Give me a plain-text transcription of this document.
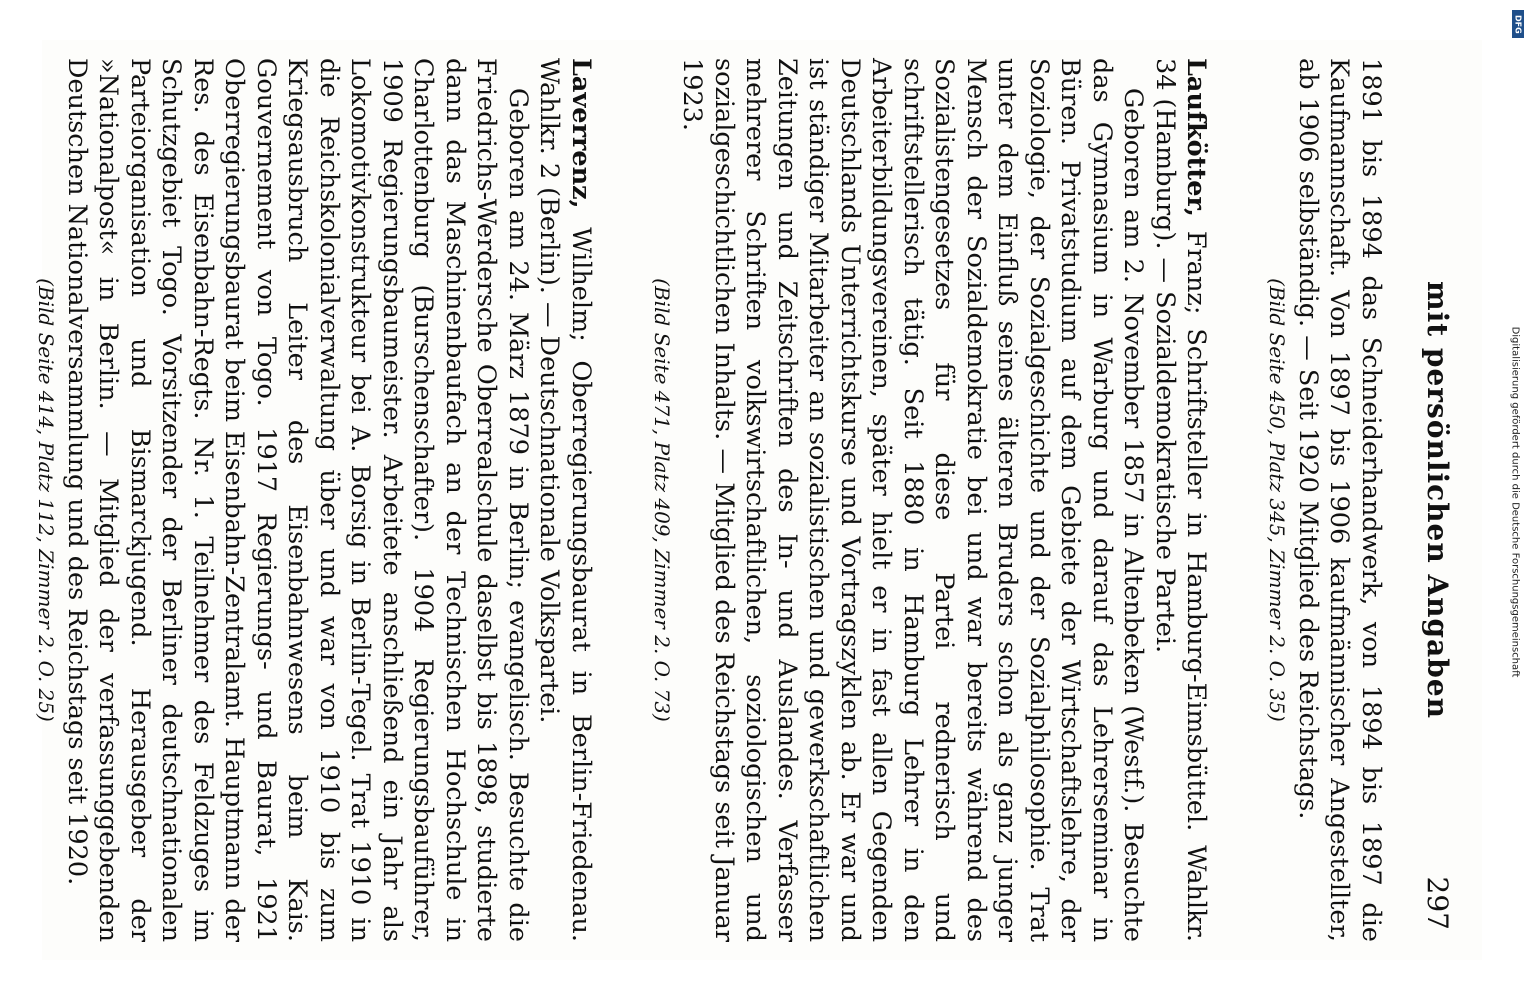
mit persönlichen Angaben
297

1891 bis 1894 das Schneiderhandwerk, von 1894 bis 1897 die Kaufmannschaft. Von 1897 bis 1906 kaufmännischer Angestellter, ab 1906 selbständig. — Seit 1920 Mitglied des Reichstags.

(Bild Seite 450, Platz 345, Zimmer 2. O. 35)

Laufkötter, Franz; Schriftsteller in Hamburg-Eimsbüttel. Wahlkr. 34 (Hamburg). — Sozialdemokratische Partei.

Geboren am 2. November 1857 in Altenbeken (Westf.). Besuchte das Gymnasium in Warburg und darauf das Lehrerseminar in Büren. Privatstudium auf dem Gebiete der Wirtschaftslehre, der Soziologie, der Sozialgeschichte und der Sozialphilosophie. Trat unter dem Einfluß seines älteren Bruders schon als ganz junger Mensch der Sozialdemokratie bei und war bereits während des Sozialistengesetzes für diese Partei rednerisch und schriftstellerisch tätig. Seit 1880 in Hamburg Lehrer in den Arbeiterbildungsvereinen, später hielt er in fast allen Gegenden Deutschlands Unterrichtskurse und Vortragszyklen ab. Er war und ist ständiger Mitarbeiter an sozialistischen und gewerkschaftlichen Zeitungen und Zeitschriften des In- und Auslandes. Verfasser mehrerer Schriften volkswirtschaftlichen, soziologischen und sozialgeschichtlichen Inhalts. — Mitglied des Reichstags seit Januar 1923.

(Bild Seite 471, Platz 409, Zimmer 2. O. 73)

Laverrenz, Wilhelm; Oberregierungsbaurat in Berlin-Friedenau. Wahlkr. 2 (Berlin). — Deutschnationale Volkspartei.

Geboren am 24. März 1879 in Berlin; evangelisch. Besuchte die Friedrichs-Werdersche Oberrealschule daselbst bis 1898, studierte dann das Maschinenbaufach an der Technischen Hochschule in Charlottenburg (Burschenschafter). 1904 Regierungsbauführer, 1909 Regierungsbaumeister. Arbeitete anschließend ein Jahr als Lokomotivkonstrukteur bei A. Borsig in Berlin-Tegel. Trat 1910 in die Reichskolonialverwaltung über und war von 1910 bis zum Kriegsausbruch Leiter des Eisenbahnwesens beim Kais. Gouvernement von Togo. 1917 Regierungs- und Baurat, 1921 Oberregierungsbaurat beim Eisenbahn-Zentralamt. Hauptmann der Res. des Eisenbahn-Regts. Nr. 1. Teilnehmer des Feldzuges im Schutzgebiet Togo. Vorsitzender der Berliner deutschnationalen Parteiorganisation und Bismarckjugend. Herausgeber der »Nationalpost« in Berlin. — Mitglied der verfassunggebenden Deutschen Nationalversammlung und des Reichstags seit 1920.

(Bild Seite 414, Platz 112, Zimmer 2. O. 25)

DFG
Digitalisierung gefördert durch die Deutsche Forschungsgemeinschaft
